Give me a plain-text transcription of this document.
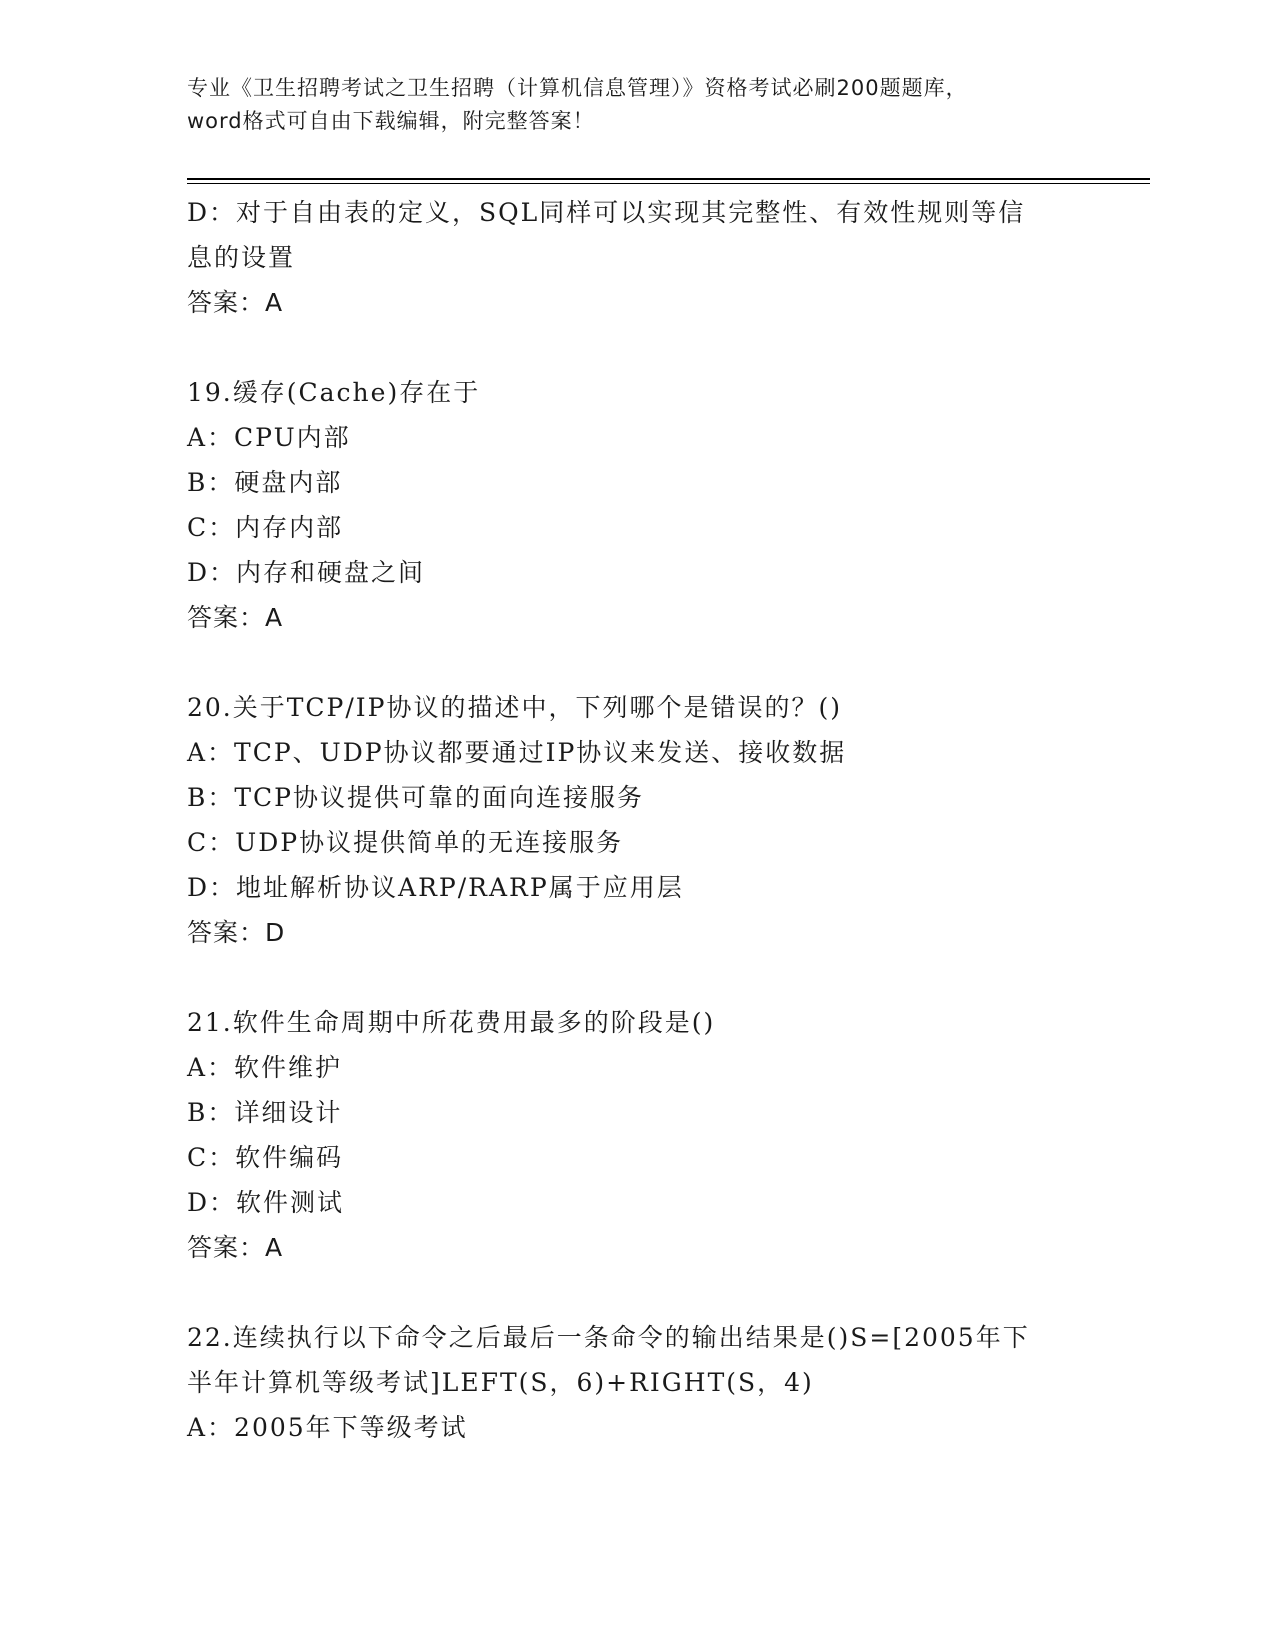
专业《卫生招聘考试之卫生招聘（计算机信息管理）》资格考试必刷200题题库，
word格式可自由下载编辑，附完整答案！
D：对于自由表的定义，SQL同样可以实现其完整性、有效性规则等信
息的设置
答案：A
19.缓存(Cache)存在于
A：CPU内部
B：硬盘内部
C：内存内部
D：内存和硬盘之间
答案：A
20.关于TCP/IP协议的描述中，下列哪个是错误的？()
A：TCP、UDP协议都要通过IP协议来发送、接收数据
B：TCP协议提供可靠的面向连接服务
C：UDP协议提供简单的无连接服务
D：地址解析协议ARP/RARP属于应用层
答案：D
21.软件生命周期中所花费用最多的阶段是()
A：软件维护
B：详细设计
C：软件编码
D：软件测试
答案：A
22.连续执行以下命令之后最后一条命令的输出结果是()S=[2005年下
半年计算机等级考试]LEFT(S，6)+RIGHT(S，4)
A：2005年下等级考试
